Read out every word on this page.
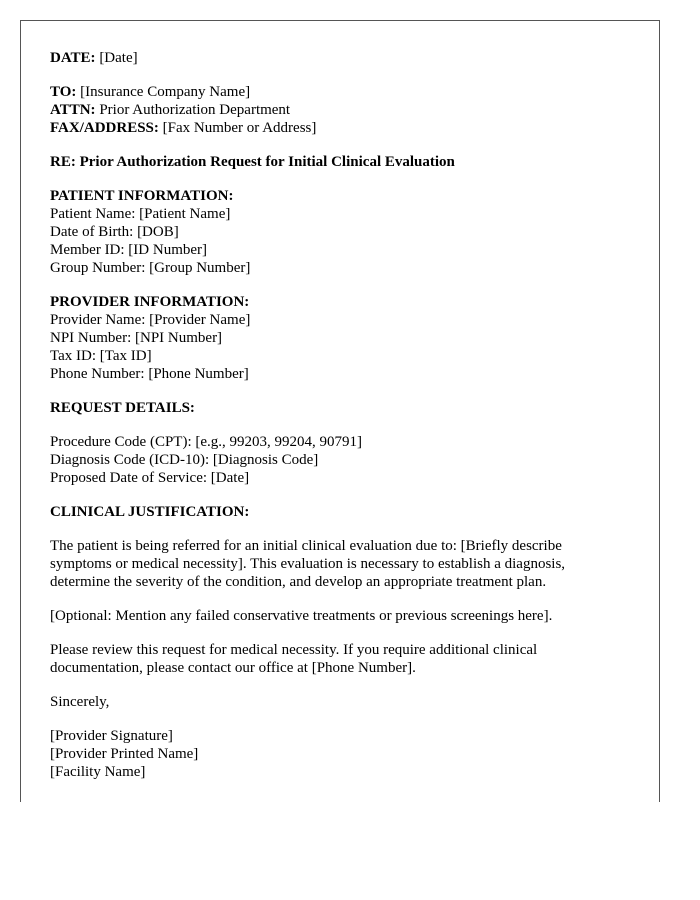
DATE: [Date]
TO: [Insurance Company Name]
ATTN: Prior Authorization Department
FAX/ADDRESS: [Fax Number or Address]
RE: Prior Authorization Request for Initial Clinical Evaluation
PATIENT INFORMATION:
Patient Name: [Patient Name]
Date of Birth: [DOB]
Member ID: [ID Number]
Group Number: [Group Number]
PROVIDER INFORMATION:
Provider Name: [Provider Name]
NPI Number: [NPI Number]
Tax ID: [Tax ID]
Phone Number: [Phone Number]
REQUEST DETAILS:
Procedure Code (CPT): [e.g., 99203, 99204, 90791]
Diagnosis Code (ICD-10): [Diagnosis Code]
Proposed Date of Service: [Date]
CLINICAL JUSTIFICATION:
The patient is being referred for an initial clinical evaluation due to: [Briefly describe
symptoms or medical necessity]. This evaluation is necessary to establish a diagnosis,
determine the severity of the condition, and develop an appropriate treatment plan.
[Optional: Mention any failed conservative treatments or previous screenings here].
Please review this request for medical necessity. If you require additional clinical
documentation, please contact our office at [Phone Number].
Sincerely,
[Provider Signature]
[Provider Printed Name]
[Facility Name]
